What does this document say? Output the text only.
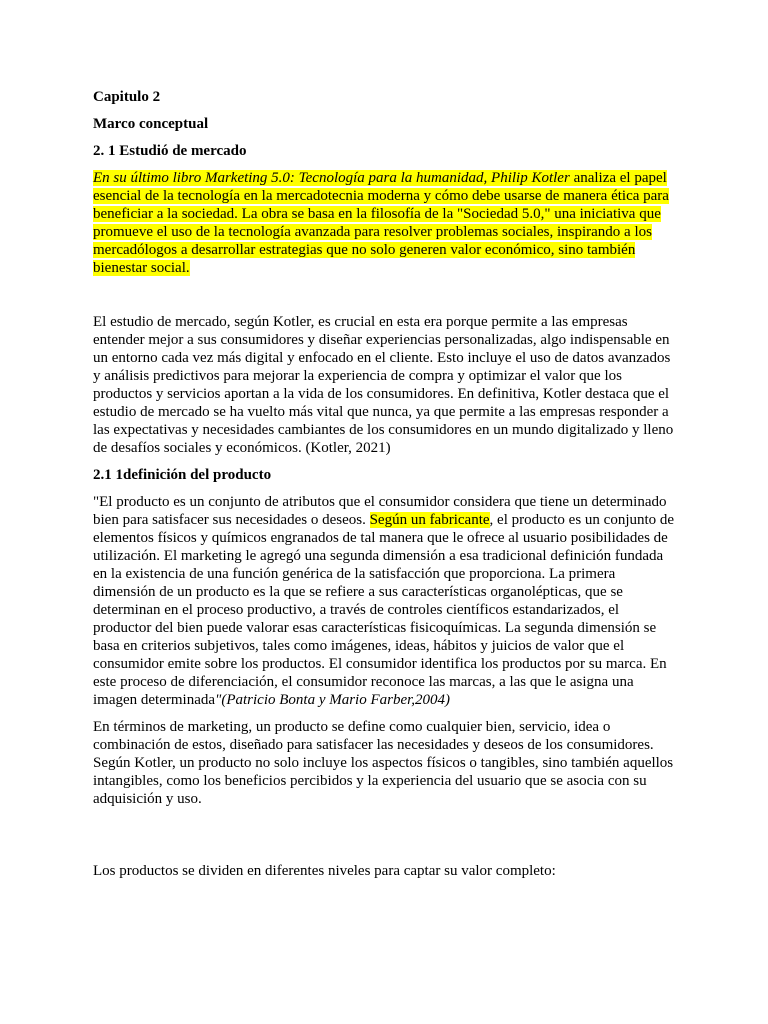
Capitulo 2
Marco conceptual
2. 1 Estudió de mercado

En su último libro Marketing 5.0: Tecnología para la humanidad, Philip Kotler analiza el papel esencial de la tecnología en la mercadotecnia moderna y cómo debe usarse de manera ética para beneficiar a la sociedad. La obra se basa en la filosofía de la "Sociedad 5.0," una iniciativa que promueve el uso de la tecnología avanzada para resolver problemas sociales, inspirando a los mercadólogos a desarrollar estrategias que no solo generen valor económico, sino también bienestar social.

El estudio de mercado, según Kotler, es crucial en esta era porque permite a las empresas entender mejor a sus consumidores y diseñar experiencias personalizadas, algo indispensable en un entorno cada vez más digital y enfocado en el cliente. Esto incluye el uso de datos avanzados y análisis predictivos para mejorar la experiencia de compra y optimizar el valor que los productos y servicios aportan a la vida de los consumidores. En definitiva, Kotler destaca que el estudio de mercado se ha vuelto más vital que nunca, ya que permite a las empresas responder a las expectativas y necesidades cambiantes de los consumidores en un mundo digitalizado y lleno de desafíos sociales y económicos. (Kotler, 2021)

2.1 1definición del producto

"El producto es un conjunto de atributos que el consumidor considera que tiene un determinado bien para satisfacer sus necesidades o deseos. Según un fabricante, el producto es un conjunto de elementos físicos y químicos engranados de tal manera que le ofrece al usuario posibilidades de utilización. El marketing le agregó una segunda dimensión a esa tradicional definición fundada en la existencia de una función genérica de la satisfacción que proporciona. La primera dimensión de un producto es la que se refiere a sus características organolépticas, que se determinan en el proceso productivo, a través de controles científicos estandarizados, el productor del bien puede valorar esas características fisicoquímicas. La segunda dimensión se basa en criterios subjetivos, tales como imágenes, ideas, hábitos y juicios de valor que el consumidor emite sobre los productos. El consumidor identifica los productos por su marca. En este proceso de diferenciación, el consumidor reconoce las marcas, a las que le asigna una imagen determinada"(Patricio Bonta y Mario Farber,2004)

En términos de marketing, un producto se define como cualquier bien, servicio, idea o combinación de estos, diseñado para satisfacer las necesidades y deseos de los consumidores. Según Kotler, un producto no solo incluye los aspectos físicos o tangibles, sino también aquellos intangibles, como los beneficios percibidos y la experiencia del usuario que se asocia con su adquisición y uso.

Los productos se dividen en diferentes niveles para captar su valor completo:
